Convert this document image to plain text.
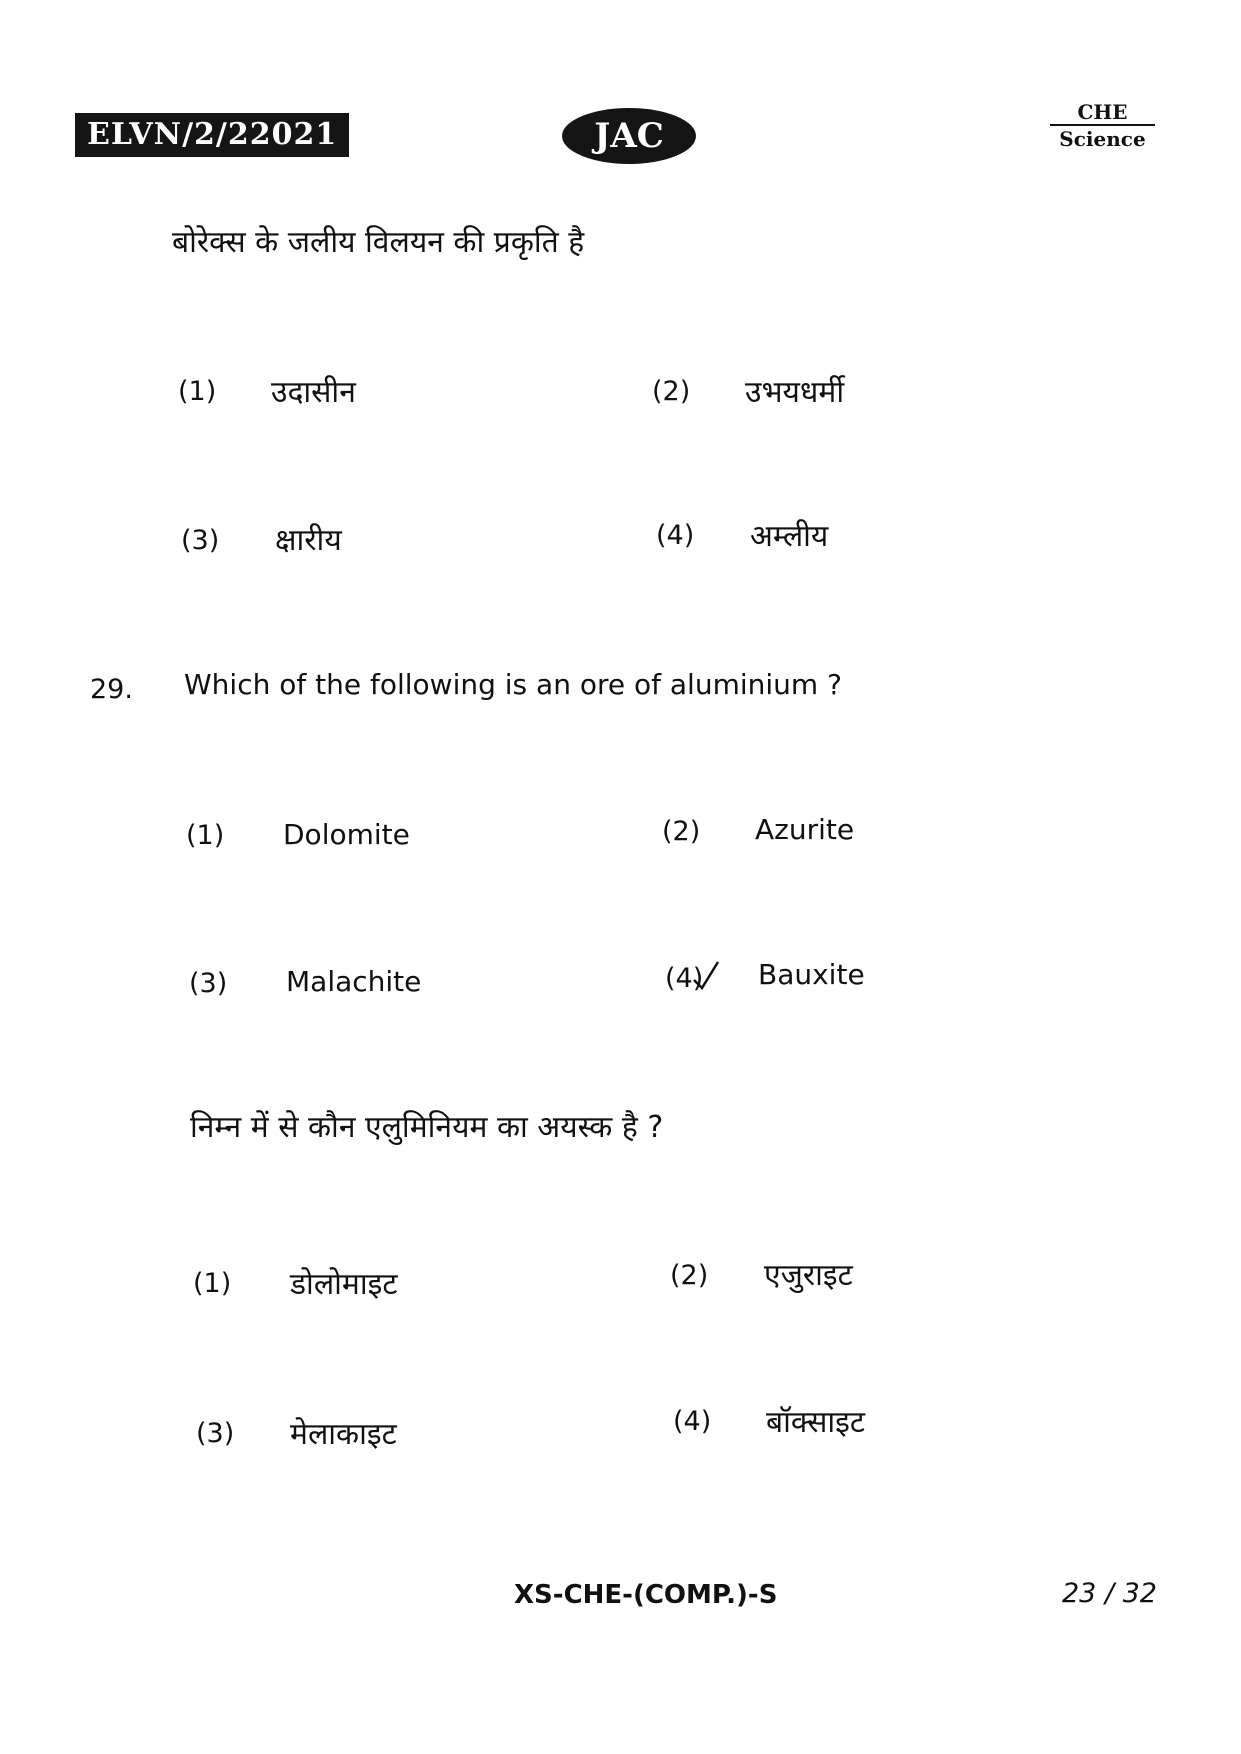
ELVN/2/22021	JAC
CHE
Science
बोरेक्स के जलीय विलयन की प्रकृति है
(1) उदासीन	(2) उभयधर्मी
(3) क्षारीय	(4) अम्लीय
29. Which of the following is an ore of aluminium ?
(1) Dolomite	(2) Azurite
(3) Malachite	(4) Bauxite
निम्न में से कौन एलुमिनियम का अयस्क है ?
(1) डोलोमाइट	(2) एजुराइट
(3) मेलाकाइट	(4) बॉक्साइट
XS-CHE-(COMP.)-S	23 / 32
